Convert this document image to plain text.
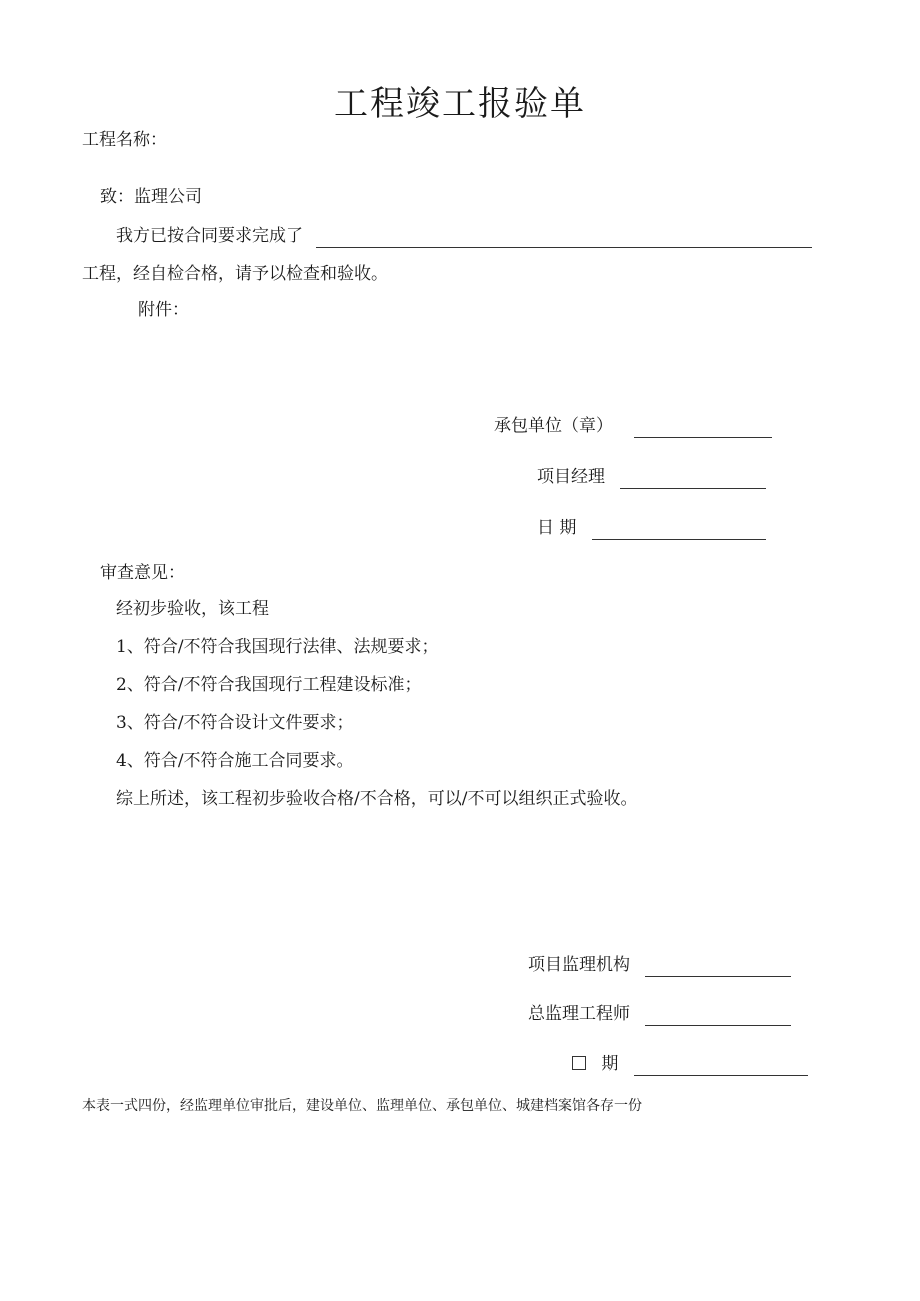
工程竣工报验单
工程名称：
致：监理公司
我方已按合同要求完成了
工程，经自检合格，请予以检查和验收。
附件：
承包单位（章）
项目经理
日 期
审查意见：
经初步验收，该工程
1、符合/不符合我国现行法律、法规要求；
2、符合/不符合我国现行工程建设标准；
3、符合/不符合设计文件要求；
4、符合/不符合施工合同要求。
综上所述，该工程初步验收合格/不合格，可以/不可以组织正式验收。
项目监理机构
总监理工程师
期
本表一式四份，经监理单位审批后，建设单位、监理单位、承包单位、城建档案馆各存一份
